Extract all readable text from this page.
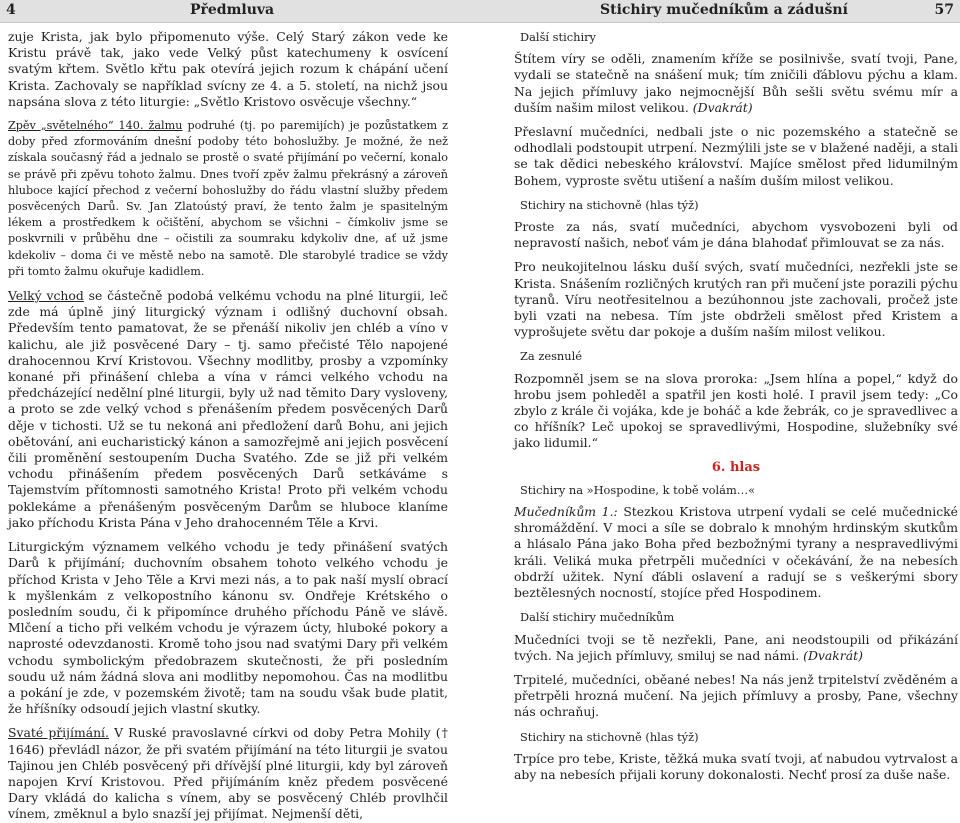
4	Předmluva	Stichiry mučedníkům a zádušní	57

zuje Krista, jak bylo připomenuto výše. Celý Starý zákon vede ke Kristu právě tak, jako vede Velký půst katechumeny k osvícení svatým křtem. Světlo křtu pak otevírá jejich rozum k chápání učení Krista. Zachovaly se například svícny ze 4. a 5. století, na nichž jsou napsána slova z této liturgie: „Světlo Kristovo osvěcuje všechny.“

Zpěv „světelného“ 140. žalmu podruhé (tj. po paremijích) je pozůstatkem z doby před zformováním dnešní podoby této bohoslužby. Je možné, že než získala současný řád a jednalo se prostě o svaté přijímání po večerní, konalo se právě při zpěvu tohoto žalmu. Dnes tvoří zpěv žalmu překrásný a zároveň hluboce kající přechod z večerní bohoslužby do řádu vlastní služby předem posvěcených Darů. Sv. Jan Zlatoústý praví, že tento žalm je spasitelným lékem a prostředkem k očištění, abychom se všichni – čímkoliv jsme se poskvrnili v průběhu dne – očistili za soumraku kdykoliv dne, ať už jsme kdekoliv – doma či ve městě nebo na samotě. Dle starobylé tradice se vždy při tomto žalmu okuřuje kadidlem.

Velký vchod se částečně podobá velkému vchodu na plné liturgii, leč zde má úplně jiný liturgický význam i odlišný duchovní obsah. Především tento pamatovat, že se přenáší nikoliv jen chléb a víno v kalichu, ale již posvěcené Dary – tj. samo přečisté Tělo napojené drahocennou Krví Kristovou. Všechny modlitby, prosby a vzpomínky konané při přinášení chleba a vína v rámci velkého vchodu na předcházející nedělní plné liturgii, byly už nad těmito Dary vysloveny, a proto se zde velký vchod s přenášením předem posvěcených Darů děje v tichosti. Už se tu nekoná ani předložení darů Bohu, ani jejich obětování, ani eucharistický kánon a samozřejmě ani jejich posvěcení čili proměnění sestoupením Ducha Svatého. Zde se již při velkém vchodu přinášením předem posvěcených Darů setkáváme s Tajemstvím přítomnosti samotného Krista! Proto při velkém vchodu poklekáme a přenášeným posvěceným Darům se hluboce klaníme jako příchodu Krista Pána v Jeho drahocenném Těle a Krvi.

Liturgickým významem velkého vchodu je tedy přinášení svatých Darů k přijímání; duchovním obsahem tohoto velkého vchodu je příchod Krista v Jeho Těle a Krvi mezi nás, a to pak naší myslí obrací k myšlenkám z velkopostního kánonu sv. Ondřeje Krétského o posledním soudu, či k připomínce druhého příchodu Páně ve slávě. Mlčení a ticho při velkém vchodu je výrazem úcty, hluboké pokory a naprosté odevzdanosti. Kromě toho jsou nad svatými Dary při velkém vchodu symbolickým předobrazem skutečnosti, že při posledním soudu už nám žádná slova ani modlitby nepomohou. Čas na modlitbu a pokání je zde, v pozemském životě; tam na soudu však bude platit, že hříšníky odsoudí jejich vlastní skutky.

Svaté přijímání. V Ruské pravoslavné církvi od doby Petra Mohily († 1646) převládl názor, že při svatém přijímání na této liturgii je svatou Tajinou jen Chléb posvěcený při dřívější plné liturgii, kdy byl zároveň napojen Krví Kristovou. Před přijímáním kněz předem posvěcené Dary vkládá do kalicha s vínem, aby se posvěcený Chléb provlhčil vínem, změknul a bylo snazší jej přijímat. Nejmenší děti,

Další stichiry

Štítem víry se oděli, znamením kříže se posilnivše, svatí tvoji, Pane, vydali se statečně na snášení muk; tím zničili ďáblovu pýchu a klam. Na jejich přímluvy jako nejmocnější Bůh sešli světu svému mír a duším našim milost velikou. (Dvakrát)

Přeslavní mučedníci, nedbali jste o nic pozemského a statečně se odhodlali podstoupit utrpení. Nezmýlili jste se v blažené naději, a stali se tak dědici nebeského království. Majíce smělost před lidumilným Bohem, vyproste světu utišení a naším duším milost velikou.

Stichiry na stichovně (hlas týž)

Proste za nás, svatí mučedníci, abychom vysvobozeni byli od nepravostí našich, neboť vám je dána blahodať přimlouvat se za nás.

Pro neukojitelnou lásku duší svých, svatí mučedníci, nezřekli jste se Krista. Snášením rozličných krutých ran při mučení jste porazili pýchu tyranů. Víru neotřesitelnou a bezúhonnou jste zachovali, pročež jste byli vzati na nebesa. Tím jste obdrželi smělost před Kristem a vyprošujete světu dar pokoje a duším naším milost velikou.

Za zesnulé

Rozpomněl jsem se na slova proroka: „Jsem hlína a popel,“ když do hrobu jsem pohleděl a spatřil jen kosti holé. I pravil jsem tedy: „Co zbylo z krále či vojáka, kde je boháč a kde žebrák, co je spravedlivec a co hříšník? Leč upokoj se spravedlivými, Hospodine, služebníky své jako lidumil.“

6. hlas
Stichiry na »Hospodine, k tobě volám…«

Mučedníkům 1.: Stezkou Kristova utrpení vydali se celé mučednické shromáždění. V moci a síle se dobralo k mnohým hrdinským skutkům a hlásalo Pána jako Boha před bezbožnými tyrany a nespravedlivými králi. Veliká muka přetrpěli mučedníci v očekávání, že na nebesích obdrží užitek. Nyní ďábli oslavení a radují se s veškerými sbory beztělesných nocností, stojíce před Hospodinem.

Další stichiry mučedníkům

Mučedníci tvoji se tě nezřekli, Pane, ani neodstoupili od přikázání tvých. Na jejich přímluvy, smiluj se nad námi. (Dvakrát)

Trpitelé, mučedníci, oběané nebes! Na nás jenž trpitelství zvěděném a přetrpěli hrozná mučení. Na jejich přímluvy a prosby, Pane, všechny nás ochraňuj.

Stichiry na stichovně (hlas týž)

Trpíce pro tebe, Kriste, těžká muka svatí tvoji, ať nabudou vytrvalost a aby na nebesích přijali koruny dokonalosti. Nechť prosí za duše naše.
